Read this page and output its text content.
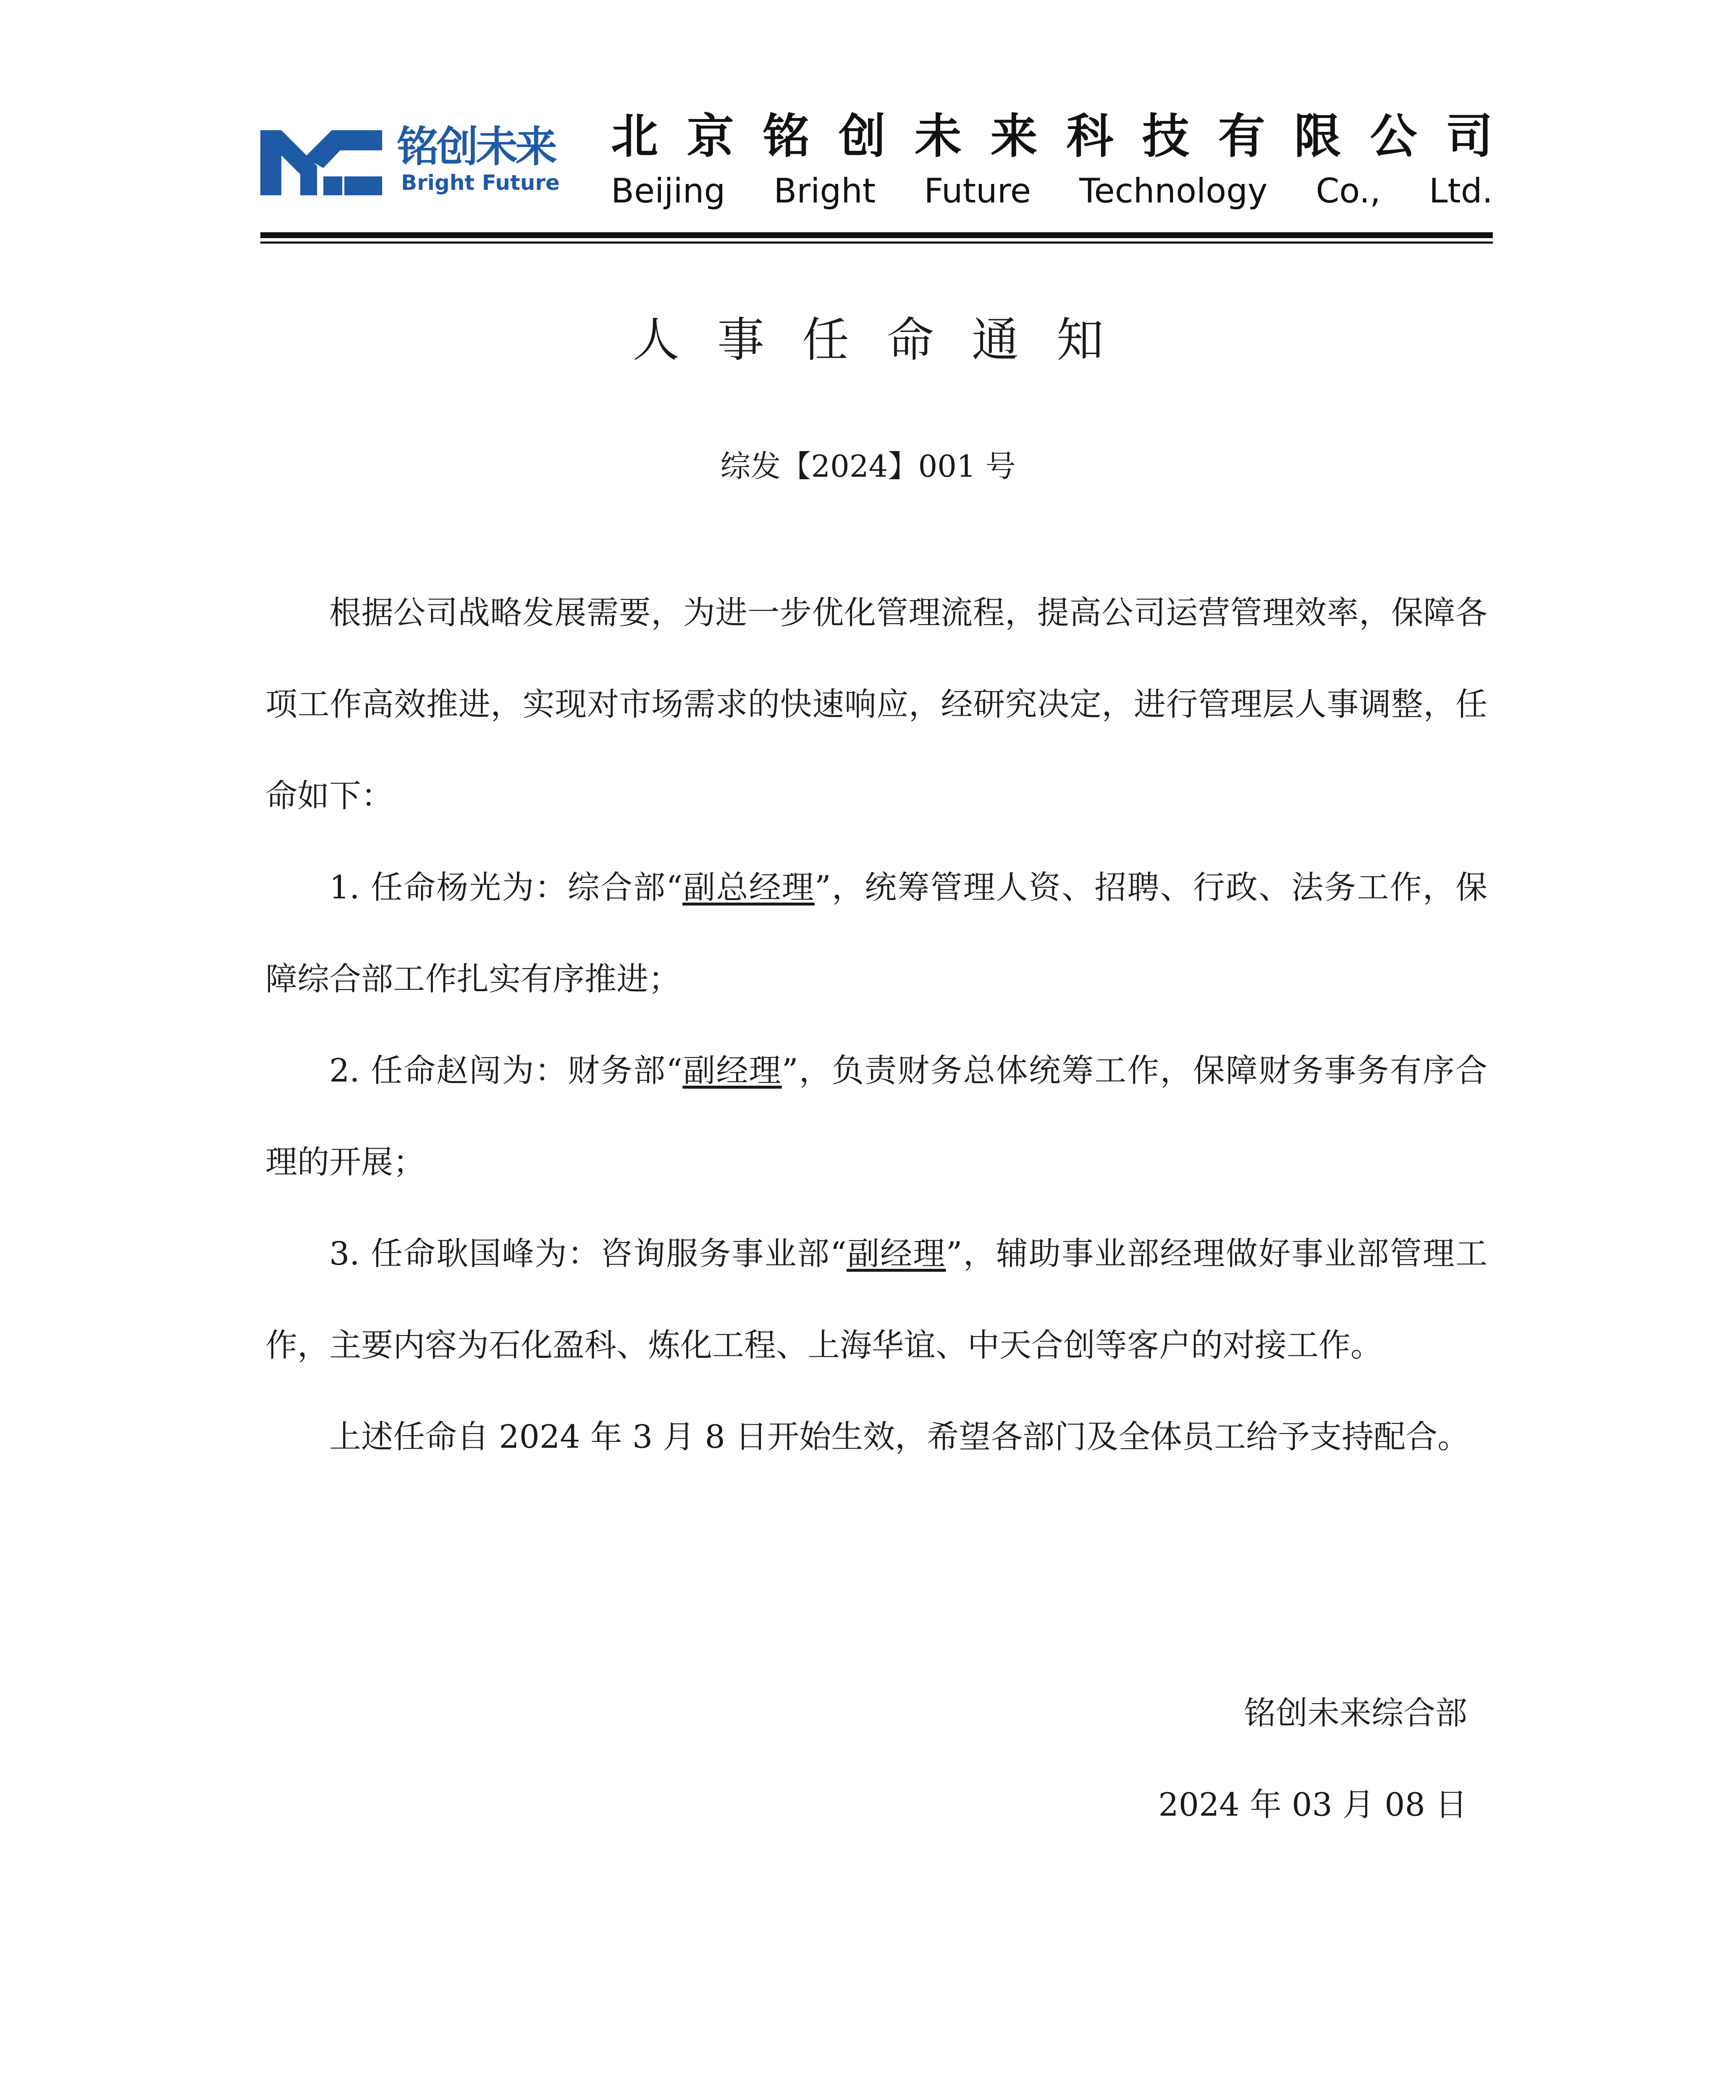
铭创未来
Bright Future
北 京 铭 创 未 来 科 技 有 限 公 司
Beijing Bright Future Technology Co., Ltd.
人事任命通知
综发【2024】001 号

根据公司战略发展需要，为进一步优化管理流程，提高公司运营管理效率，保障各项工作高效推进，实现对市场需求的快速响应，经研究决定，进行管理层人事调整，任命如下：

1. 任命杨光为：综合部“副总经理”，统筹管理人资、招聘、行政、法务工作，保障综合部工作扎实有序推进；

2. 任命赵闯为：财务部“副经理”，负责财务总体统筹工作，保障财务事务有序合理的开展；

3. 任命耿国峰为：咨询服务事业部“副经理”，辅助事业部经理做好事业部管理工作，主要内容为石化盈科、炼化工程、上海华谊、中天合创等客户的对接工作。

上述任命自 2024 年 3 月 8 日开始生效，希望各部门及全体员工给予支持配合。

铭创未来综合部
2024 年 03 月 08 日
